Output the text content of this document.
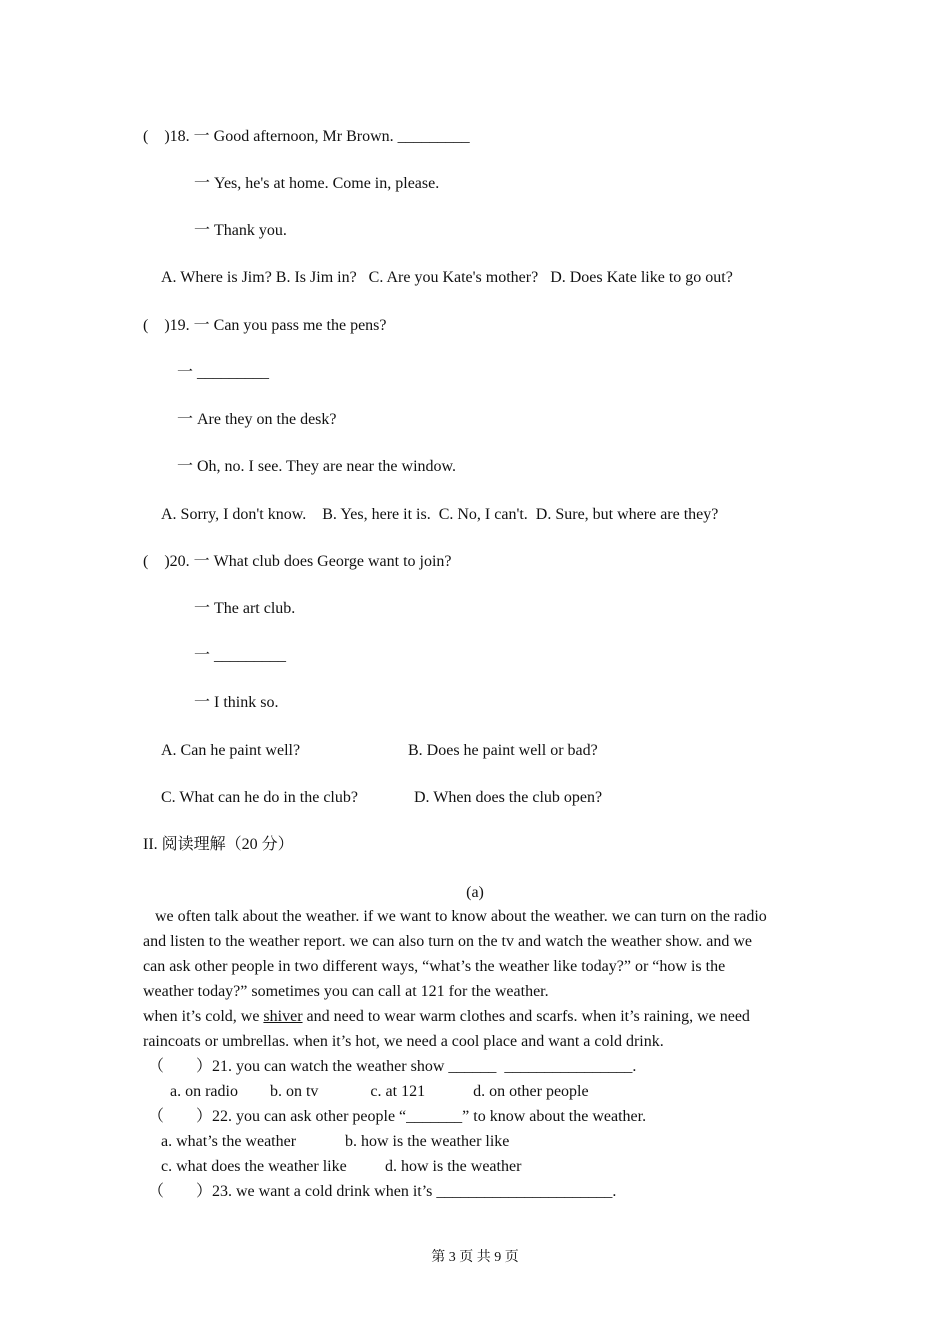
(    )18. 一 Good afternoon, Mr Brown. _________
一 Yes, he's at home. Come in, please.
一 Thank you.
A. Where is Jim? B. Is Jim in?   C. Are you Kate's mother?   D. Does Kate like to go out?
(    )19. 一 Can you pass me the pens?
一 _________
一 Are they on the desk?
一 Oh, no. I see. They are near the window.
A. Sorry, I don't know.    B. Yes, here it is.  C. No, I can't.  D. Sure, but where are they?
(    )20. 一 What club does George want to join?
一 The art club.
一 _________
一 I think so.
A. Can he paint well?	B. Does he paint well or bad?
C. What can he do in the club?	D. When does the club open?
II. 阅读理解（20 分）
(a)
we often talk about the weather. if we want to know about the weather. we can turn on the radio
and listen to the weather report. we can also turn on the tv and watch the weather show. and we
can ask other people in two different ways, “what’s the weather like today?” or “how is the
weather today?” sometimes you can call at 121 for the weather.
when it’s cold, we shiver and need to wear warm clothes and scarfs. when it’s raining, we need
raincoats or umbrellas. when it’s hot, we need a cool place and want a cold drink.
（        ）21. you can watch the weather show ______  ________________.
a. on radio        b. on tv             c. at 121            d. on other people
（        ）22. you can ask other people “_______” to know about the weather.
a. what’s the weather	b. how is the weather like
c. what does the weather like d. how is the weather
（        ）23. we want a cold drink when it’s ______________________.
第 3 页 共 9 页
